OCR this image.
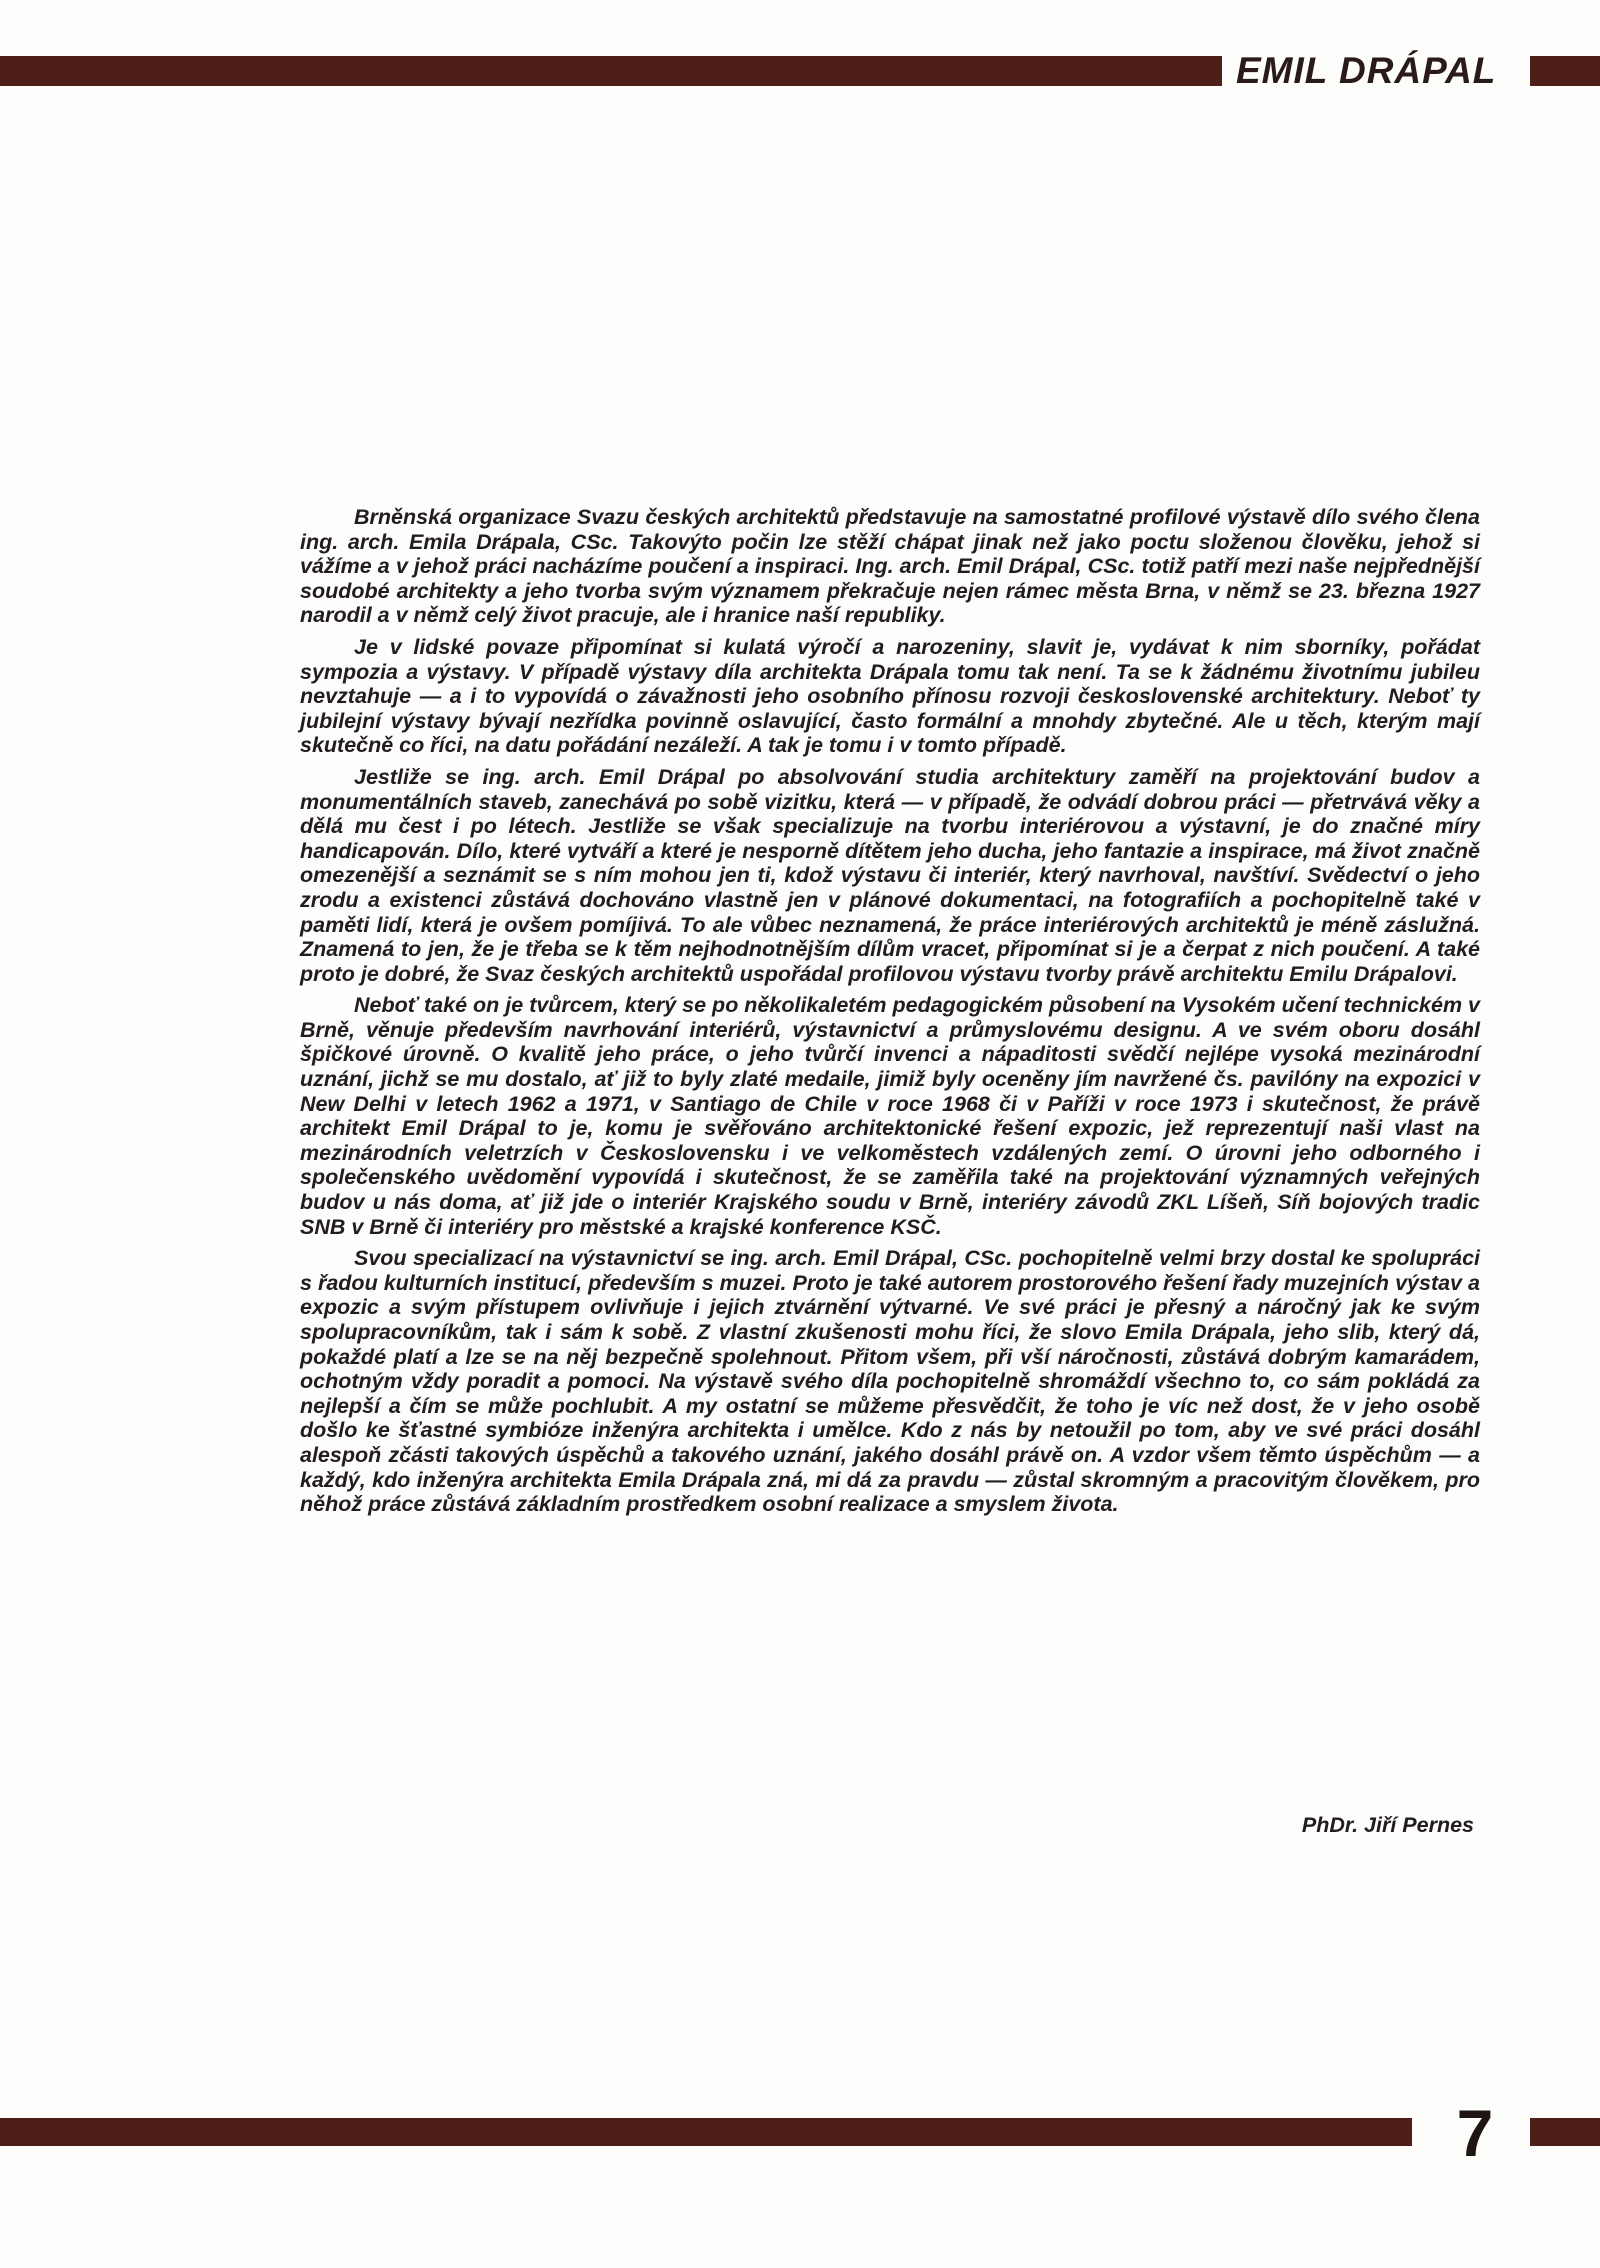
EMIL DRÁPAL

Brněnská organizace Svazu českých architektů představuje na samostatné profilové výstavě dílo svého člena ing. arch. Emila Drápala, CSc. Takovýto počin lze stěží chápat jinak než jako poctu složenou člověku, jehož si vážíme a v jehož práci nacházíme poučení a inspiraci. Ing. arch. Emil Drápal, CSc. totiž patří mezi naše nejpřednější soudobé architekty a jeho tvorba svým významem překračuje nejen rámec města Brna, v němž se 23. března 1927 narodil a v němž celý život pracuje, ale i hranice naší republiky.

Je v lidské povaze připomínat si kulatá výročí a narozeniny, slavit je, vydávat k nim sborníky, pořádat sympozia a výstavy. V případě výstavy díla architekta Drápala tomu tak není. Ta se k žádnému životnímu jubileu nevztahuje — a i to vypovídá o závažnosti jeho osobního přínosu rozvoji československé architektury. Neboť ty jubilejní výstavy bývají nezřídka povinně oslavující, často formální a mnohdy zbytečné. Ale u těch, kterým mají skutečně co říci, na datu pořádání nezáleží. A tak je tomu i v tomto případě.

Jestliže se ing. arch. Emil Drápal po absolvování studia architektury zaměří na projektování budov a monumentálních staveb, zanechává po sobě vizitku, která — v případě, že odvádí dobrou práci — přetrvává věky a dělá mu čest i po létech. Jestliže se však specializuje na tvorbu interiérovou a výstavní, je do značné míry handicapován. Dílo, které vytváří a které je nesporně dítětem jeho ducha, jeho fantazie a inspirace, má život značně omezenější a seznámit se s ním mohou jen ti, kdož výstavu či interiér, který navrhoval, navštíví. Svědectví o jeho zrodu a existenci zůstává dochováno vlastně jen v plánové dokumentaci, na fotografiích a pochopitelně také v paměti lidí, která je ovšem pomíjivá. To ale vůbec neznamená, že práce interiérových architektů je méně záslužná. Znamená to jen, že je třeba se k těm nejhodnotnějším dílům vracet, připomínat si je a čerpat z nich poučení. A také proto je dobré, že Svaz českých architektů uspořádal profilovou výstavu tvorby právě architektu Emilu Drápalovi.

Neboť také on je tvůrcem, který se po několikaletém pedagogickém působení na Vysokém učení technickém v Brně, věnuje především navrhování interiérů, výstavnictví a průmyslovému designu. A ve svém oboru dosáhl špičkové úrovně. O kvalitě jeho práce, o jeho tvůrčí invenci a nápaditosti svědčí nejlépe vysoká mezinárodní uznání, jichž se mu dostalo, ať již to byly zlaté medaile, jimiž byly oceněny jím navržené čs. pavilóny na expozici v New Delhi v letech 1962 a 1971, v Santiago de Chile v roce 1968 či v Paříži v roce 1973 i skutečnost, že právě architekt Emil Drápal to je, komu je svěřováno architektonické řešení expozic, jež reprezentují naši vlast na mezinárodních veletrzích v Československu i ve velkoměstech vzdálených zemí. O úrovni jeho odborného i společenského uvědomění vypovídá i skutečnost, že se zaměřila také na projektování významných veřejných budov u nás doma, ať již jde o interiér Krajského soudu v Brně, interiéry závodů ZKL Líšeň, Síň bojových tradic SNB v Brně či interiéry pro městské a krajské konference KSČ.

Svou specializací na výstavnictví se ing. arch. Emil Drápal, CSc. pochopitelně velmi brzy dostal ke spolupráci s řadou kulturních institucí, především s muzei. Proto je také autorem prostorového řešení řady muzejních výstav a expozic a svým přístupem ovlivňuje i jejich ztvárnění výtvarné. Ve své práci je přesný a náročný jak ke svým spolupracovníkům, tak i sám k sobě. Z vlastní zkušenosti mohu říci, že slovo Emila Drápala, jeho slib, který dá, pokaždé platí a lze se na něj bezpečně spolehnout. Přitom všem, při vší náročnosti, zůstává dobrým kamarádem, ochotným vždy poradit a pomoci. Na výstavě svého díla pochopitelně shromáždí všechno to, co sám pokládá za nejlepší a čím se může pochlubit. A my ostatní se můžeme přesvědčit, že toho je víc než dost, že v jeho osobě došlo ke šťastné symbióze inženýra architekta i umělce. Kdo z nás by netoužil po tom, aby ve své práci dosáhl alespoň zčásti takových úspěchů a takového uznání, jakého dosáhl právě on. A vzdor všem těmto úspěchům — a každý, kdo inženýra architekta Emila Drápala zná, mi dá za pravdu — zůstal skromným a pracovitým člověkem, pro něhož práce zůstává základním prostředkem osobní realizace a smyslem života.

PhDr. Jiří Pernes
7
